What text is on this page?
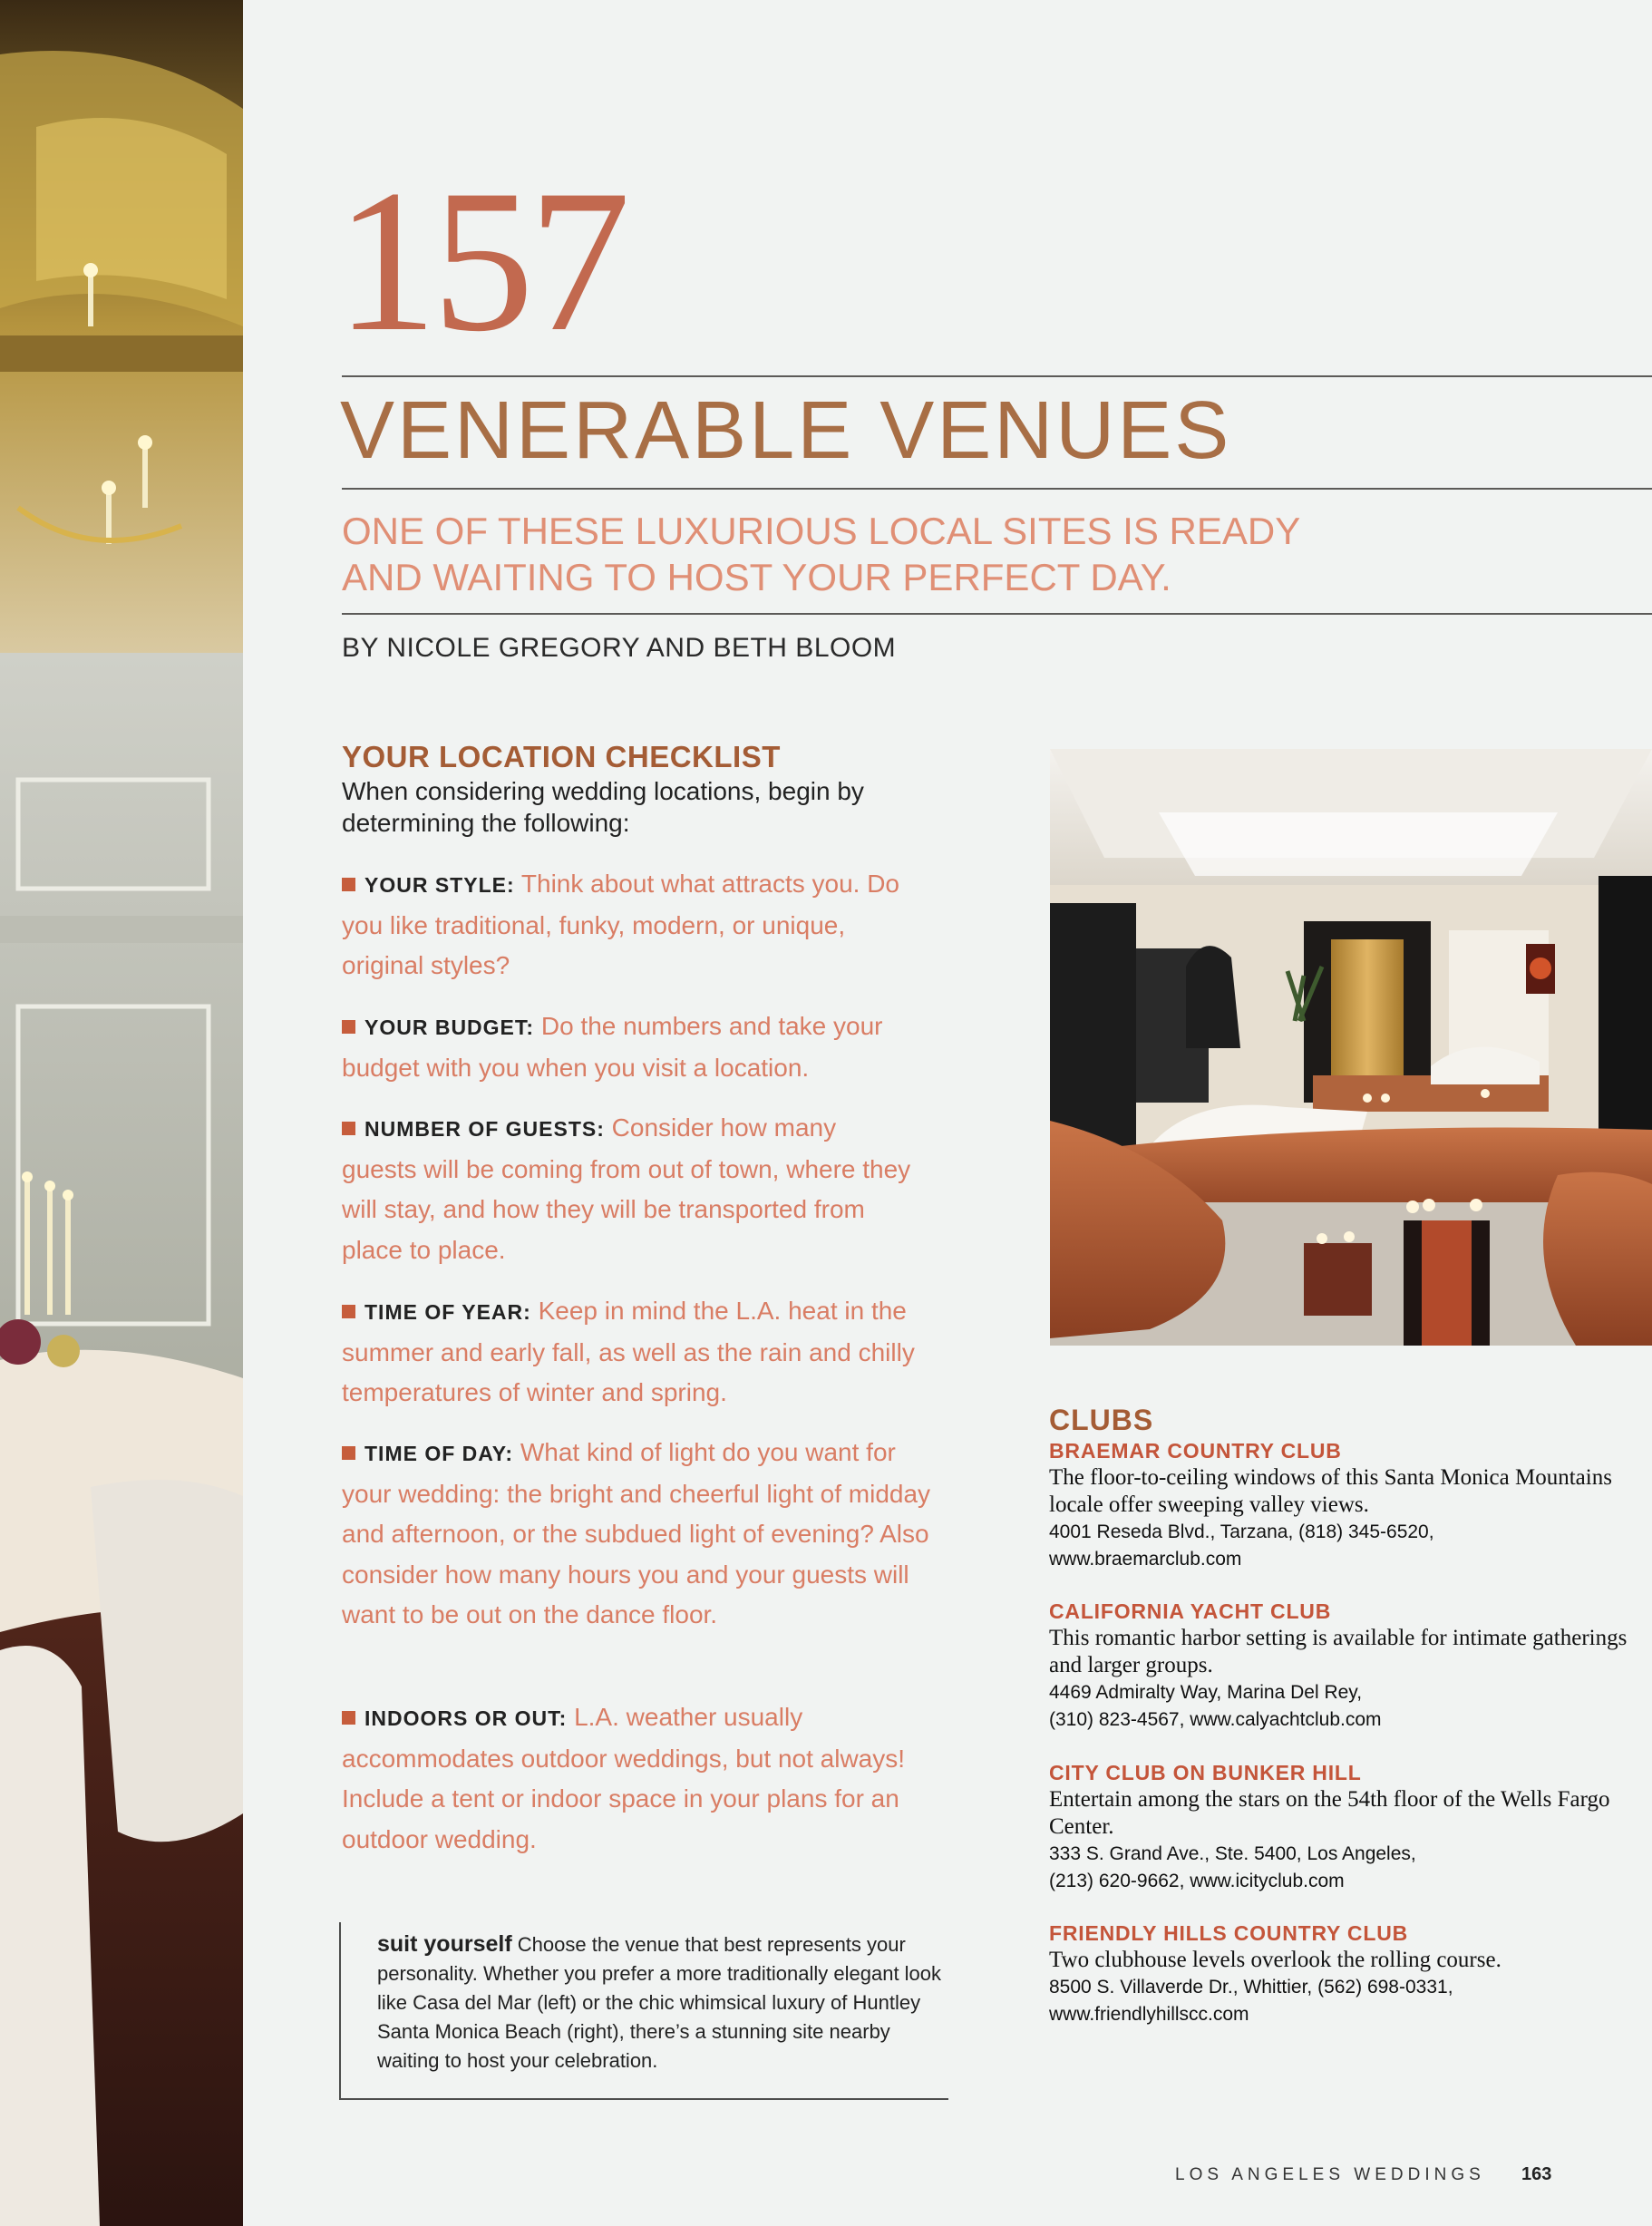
157
VENERABLE VENUES
ONE OF THESE LUXURIOUS LOCAL SITES IS READY
AND WAITING TO HOST YOUR PERFECT DAY.
BY NICOLE GREGORY AND BETH BLOOM
YOUR LOCATION CHECKLIST
When considering wedding locations, begin by determining the following:

YOUR STYLE: Think about what attracts you. Do you like traditional, funky, modern, or unique, original styles?

YOUR BUDGET: Do the numbers and take your budget with you when you visit a location.

NUMBER OF GUESTS: Consider how many guests will be coming from out of town, where they will stay, and how they will be transported from place to place.

TIME OF YEAR: Keep in mind the L.A. heat in the summer and early fall, as well as the rain and chilly temperatures of winter and spring.

TIME OF DAY: What kind of light do you want for your wedding: the bright and cheerful light of midday and afternoon, or the subdued light of evening? Also consider how many hours you and your guests will want to be out on the dance floor.

INDOORS OR OUT: L.A. weather usually accommodates outdoor weddings, but not always! Include a tent or indoor space in your plans for an outdoor wedding.

suit yourself Choose the venue that best represents your personality. Whether you prefer a more traditionally elegant look like Casa del Mar (left) or the chic whimsical luxury of Huntley Santa Monica Beach (right), there’s a stunning site nearby waiting to host your celebration.

CLUBS
BRAEMAR COUNTRY CLUB
The floor-to-ceiling windows of this Santa Monica Mountains locale offer sweeping valley views.
4001 Reseda Blvd., Tarzana, (818) 345-6520,
www.braemarclub.com
CALIFORNIA YACHT CLUB
This romantic harbor setting is available for intimate gatherings and larger groups.
4469 Admiralty Way, Marina Del Rey,
(310) 823-4567, www.calyachtclub.com
CITY CLUB ON BUNKER HILL
Entertain among the stars on the 54th floor of the Wells Fargo Center.
333 S. Grand Ave., Ste. 5400, Los Angeles,
(213) 620-9662, www.icityclub.com
FRIENDLY HILLS COUNTRY CLUB
Two clubhouse levels overlook the rolling course.
8500 S. Villaverde Dr., Whittier, (562) 698-0331,
www.friendlyhillscc.com
LOS ANGELES WEDDINGS 163
